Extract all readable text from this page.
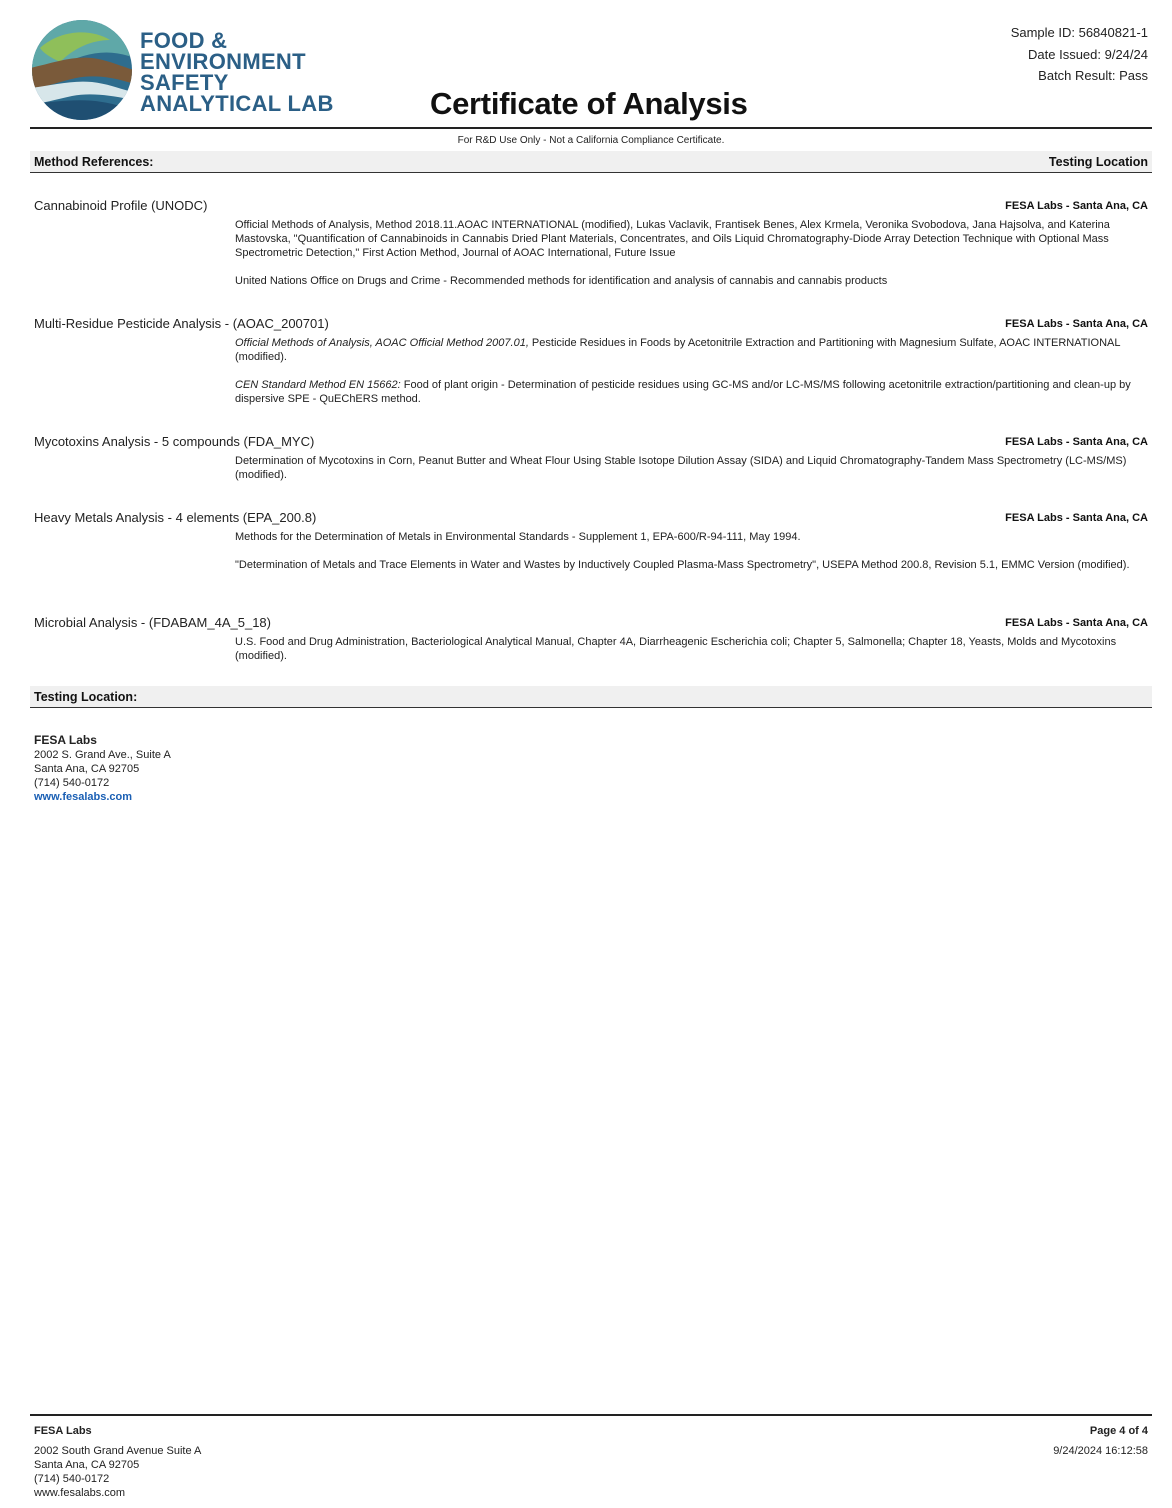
FOOD &
ENVIRONMENT
SAFETY
ANALYTICAL LAB	Certificate of Analysis
Sample ID: 56840821-1
Date Issued: 9/24/24
Batch Result: Pass
For R&D Use Only - Not a California Compliance Certificate.
Method References:	Testing Location
Cannabinoid Profile (UNODC)	FESA Labs - Santa Ana, CA

Official Methods of Analysis, Method 2018.11.AOAC INTERNATIONAL (modified), Lukas Vaclavik, Frantisek Benes, Alex Krmela, Veronika Svobodova, Jana Hajsolva, and Katerina Mastovska, "Quantification of Cannabinoids in Cannabis Dried Plant Materials, Concentrates, and Oils Liquid Chromatography-Diode Array Detection Technique with Optional Mass Spectrometric Detection," First Action Method, Journal of AOAC International, Future Issue

United Nations Office on Drugs and Crime - Recommended methods for identification and analysis of cannabis and cannabis products

Multi-Residue Pesticide Analysis - (AOAC_200701)	FESA Labs - Santa Ana, CA

Official Methods of Analysis, AOAC Official Method 2007.01, Pesticide Residues in Foods by Acetonitrile Extraction and Partitioning with Magnesium Sulfate, AOAC INTERNATIONAL (modified).

CEN Standard Method EN 15662: Food of plant origin - Determination of pesticide residues using GC-MS and/or LC-MS/MS following acetonitrile extraction/partitioning and clean-up by dispersive SPE - QuEChERS method.

Mycotoxins Analysis - 5 compounds (FDA_MYC)	FESA Labs - Santa Ana, CA

Determination of Mycotoxins in Corn, Peanut Butter and Wheat Flour Using Stable Isotope Dilution Assay (SIDA) and Liquid Chromatography-Tandem Mass Spectrometry (LC-MS/MS) (modified).

Heavy Metals Analysis - 4 elements (EPA_200.8)	FESA Labs - Santa Ana, CA

Methods for the Determination of Metals in Environmental Standards - Supplement 1, EPA-600/R-94-111, May 1994.

"Determination of Metals and Trace Elements in Water and Wastes by Inductively Coupled Plasma-Mass Spectrometry", USEPA Method 200.8, Revision 5.1, EMMC Version (modified).

Microbial Analysis - (FDABAM_4A_5_18)	FESA Labs - Santa Ana, CA

U.S. Food and Drug Administration, Bacteriological Analytical Manual, Chapter 4A, Diarrheagenic Escherichia coli; Chapter 5, Salmonella; Chapter 18, Yeasts, Molds and Mycotoxins (modified).

Testing Location:
FESA Labs
2002 S. Grand Ave., Suite A
Santa Ana, CA 92705
(714) 540-0172
www.fesalabs.com
FESA Labs
2002 South Grand Avenue Suite A
Santa Ana, CA 92705
(714) 540-0172
www.fesalabs.com
Page 4 of 4
9/24/2024 16:12:58
